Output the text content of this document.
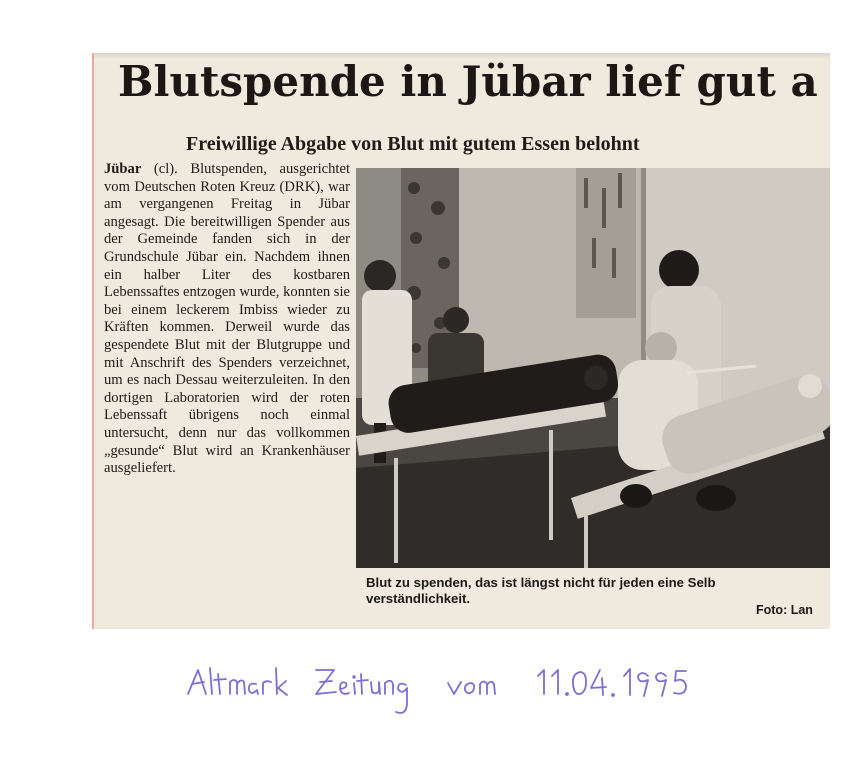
Blutspende in Jübar lief gut a
Freiwillige Abgabe von Blut mit gutem Essen belohnt
Jübar (cl). Blutspenden, ausgerichtet vom Deutschen Roten Kreuz (DRK), war am vergangenen Freitag in Jübar angesagt. Die bereitwilligen Spender aus der Gemeinde fanden sich in der Grundschule Jübar ein. Nachdem ihnen ein halber Liter des kostbaren Lebenssaftes entzogen wurde, konnten sie bei einem leckerem Imbiss wieder zu Kräften kommen. Derweil wurde das gespendete Blut mit der Blutgruppe und mit Anschrift des Spenders verzeichnet, um es nach Dessau weiterzuleiten. In den dortigen Laboratorien wird der roten Lebenssaft übrigens noch einmal untersucht, denn nur das vollkommen „gesunde“ Blut wird an Krankenhäuser ausgeliefert.
Blut zu spenden, das ist längst nicht für jeden eine Selb
verständlichkeit.
Foto: Lan
